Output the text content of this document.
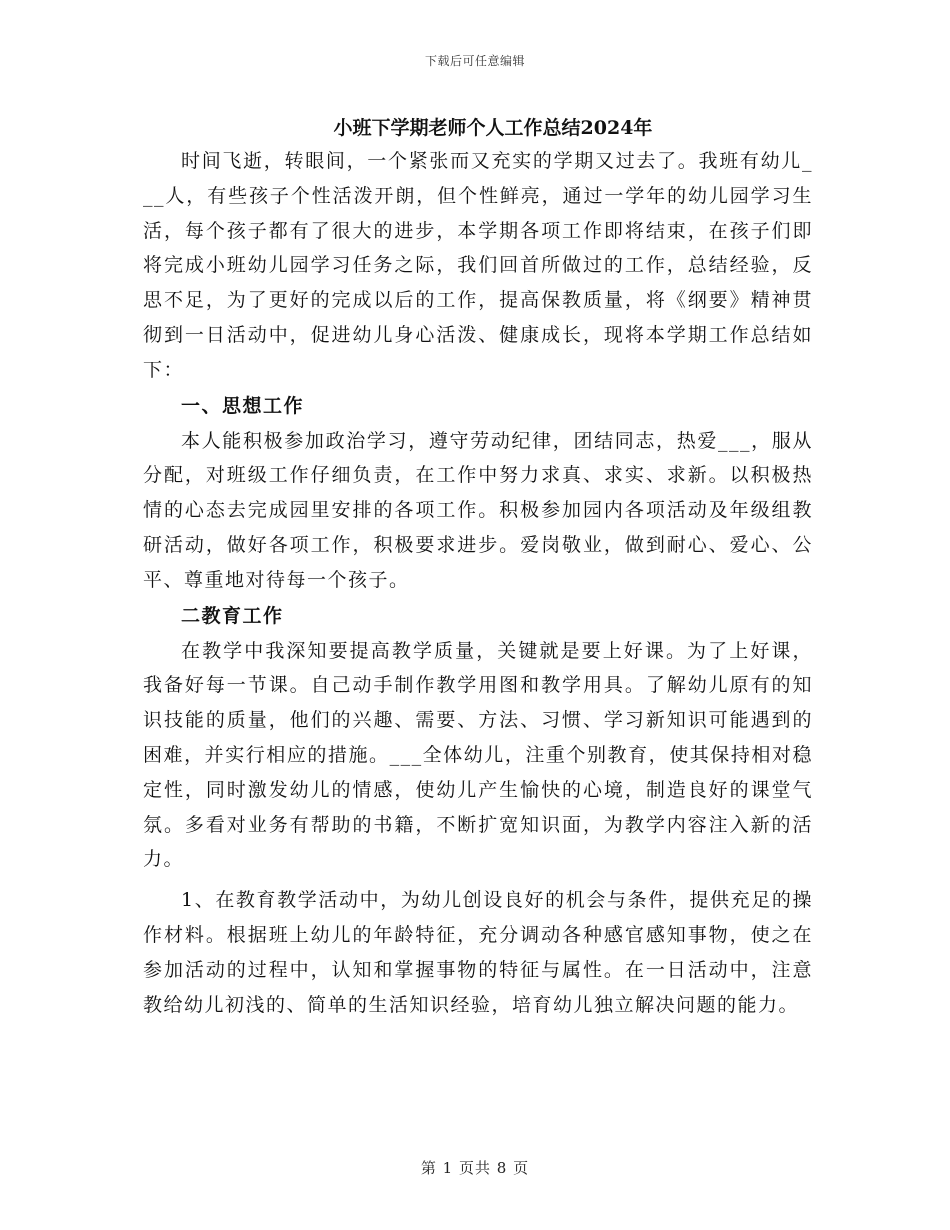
下载后可任意编辑
小班下学期老师个人工作总结2024年

时间飞逝，转眼间，一个紧张而又充实的学期又过去了。我班有幼儿___人，有些孩子个性活泼开朗，但个性鲜亮，通过一学年的幼儿园学习生活，每个孩子都有了很大的进步，本学期各项工作即将结束，在孩子们即将完成小班幼儿园学习任务之际，我们回首所做过的工作，总结经验，反思不足，为了更好的完成以后的工作，提高保教质量，将《纲要》精神贯彻到一日活动中，促进幼儿身心活泼、健康成长，现将本学期工作总结如下：

一、思想工作

本人能积极参加政治学习，遵守劳动纪律，团结同志，热爱___，服从分配，对班级工作仔细负责，在工作中努力求真、求实、求新。以积极热情的心态去完成园里安排的各项工作。积极参加园内各项活动及年级组教研活动，做好各项工作，积极要求进步。爱岗敬业，做到耐心、爱心、公平、尊重地对待每一个孩子。

二教育工作

在教学中我深知要提高教学质量，关键就是要上好课。为了上好课，我备好每一节课。自己动手制作教学用图和教学用具。了解幼儿原有的知识技能的质量，他们的兴趣、需要、方法、习惯、学习新知识可能遇到的困难，并实行相应的措施。___全体幼儿，注重个别教育，使其保持相对稳定性，同时激发幼儿的情感，使幼儿产生愉快的心境，制造良好的课堂气氛。多看对业务有帮助的书籍，不断扩宽知识面，为教学内容注入新的活力。

1、在教育教学活动中，为幼儿创设良好的机会与条件，提供充足的操作材料。根据班上幼儿的年龄特征，充分调动各种感官感知事物，使之在参加活动的过程中，认知和掌握事物的特征与属性。在一日活动中，注意教给幼儿初浅的、简单的生活知识经验，培育幼儿独立解决问题的能力。

第 1 页共 8 页
